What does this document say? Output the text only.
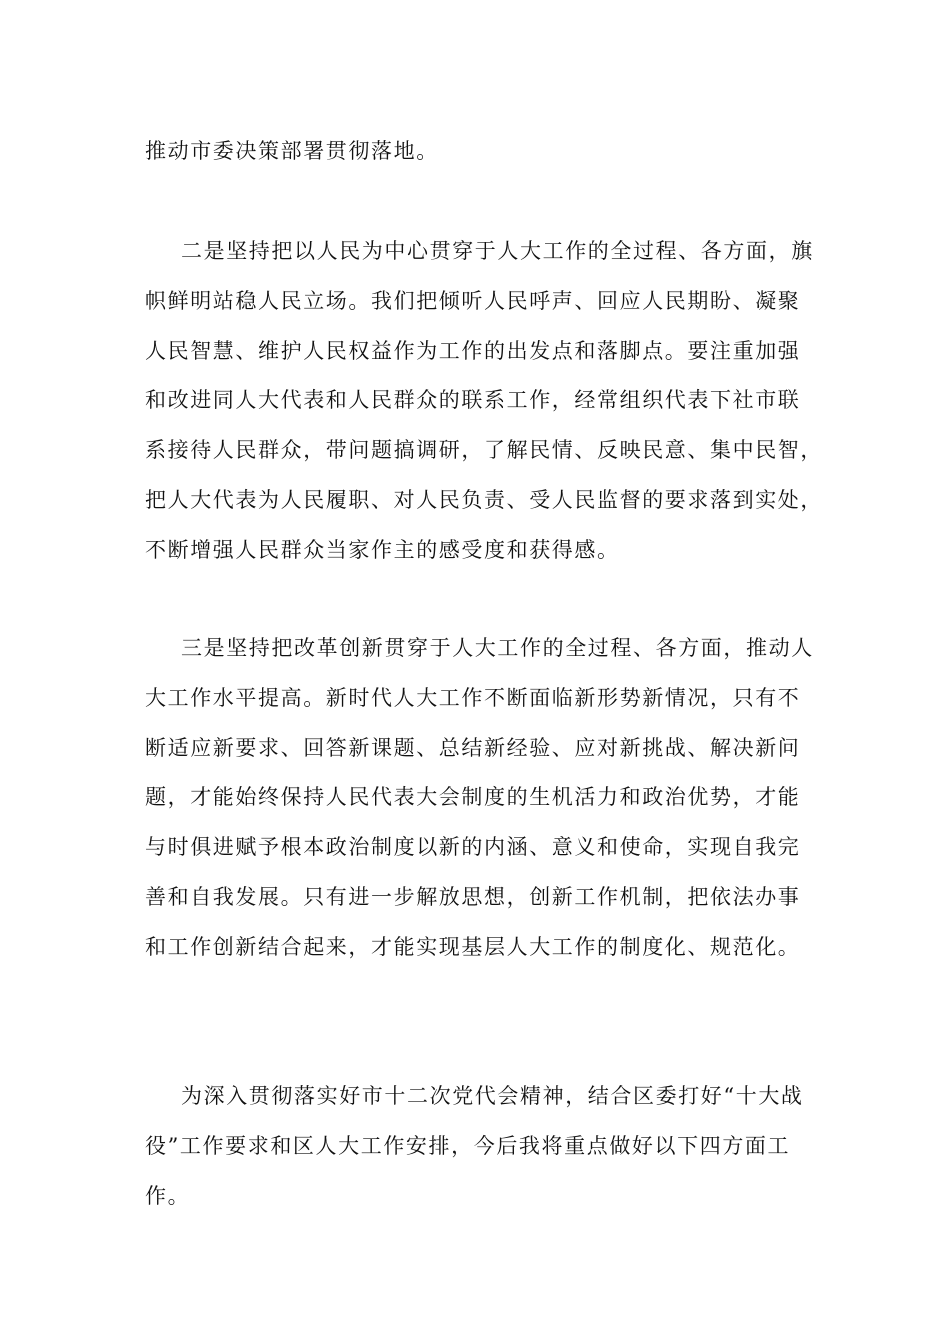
推动市委决策部署贯彻落地。
二是坚持把以人民为中心贯穿于人大工作的全过程、各方面，旗
帜鲜明站稳人民立场。我们把倾听人民呼声、回应人民期盼、凝聚
人民智慧、维护人民权益作为工作的出发点和落脚点。要注重加强
和改进同人大代表和人民群众的联系工作，经常组织代表下社市联
系接待人民群众，带问题搞调研，了解民情、反映民意、集中民智，
把人大代表为人民履职、对人民负责、受人民监督的要求落到实处，
不断增强人民群众当家作主的感受度和获得感。
三是坚持把改革创新贯穿于人大工作的全过程、各方面，推动人
大工作水平提高。新时代人大工作不断面临新形势新情况，只有不
断适应新要求、回答新课题、总结新经验、应对新挑战、解决新问
题，才能始终保持人民代表大会制度的生机活力和政治优势，才能
与时俱进赋予根本政治制度以新的内涵、意义和使命，实现自我完
善和自我发展。只有进一步解放思想，创新工作机制，把依法办事
和工作创新结合起来，才能实现基层人大工作的制度化、规范化。
为深入贯彻落实好市十二次党代会精神，结合区委打好“十大战
役”工作要求和区人大工作安排，今后我将重点做好以下四方面工
作。
